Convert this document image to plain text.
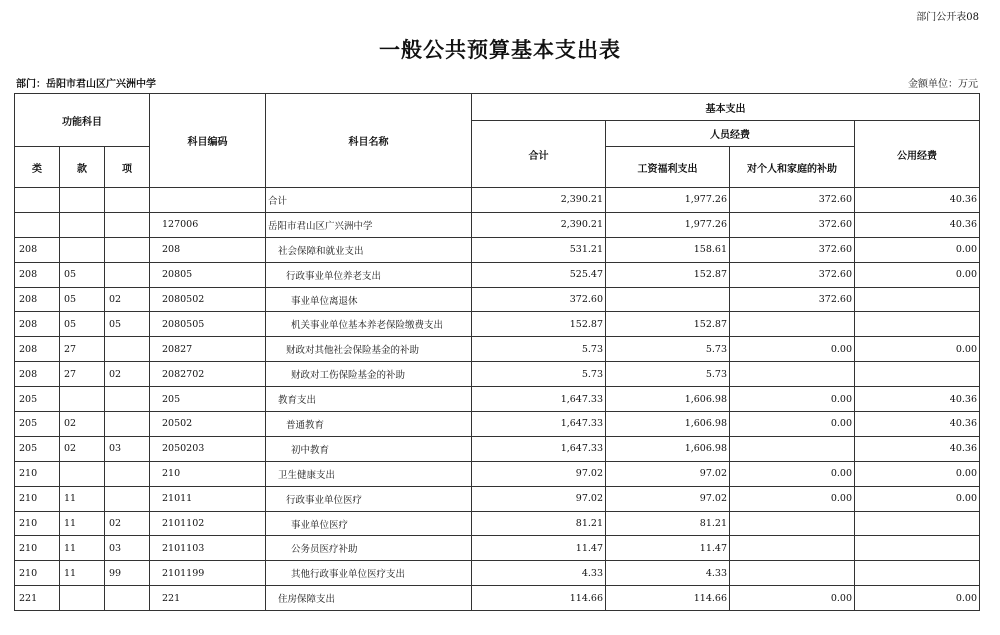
部门公开表08
一般公共预算基本支出表
部门：岳阳市君山区广兴洲中学	金额单位：万元
功能科目			科目编码	科目名称	基本支出			
					合计	人员经费		公用经费
类	款	项				工资福利支出	对个人和家庭的补助	
				合计	2,390.21	1,977.26	372.60	40.36
			127006	岳阳市君山区广兴洲中学	2,390.21	1,977.26	372.60	40.36
208			208	社会保障和就业支出	531.21	158.61	372.60	0.00
208	05		20805	行政事业单位养老支出	525.47	152.87	372.60	0.00
208	05	02	2080502	事业单位离退休	372.60		372.60	
208	05	05	2080505	机关事业单位基本养老保险缴费支出	152.87	152.87		
208	27		20827	财政对其他社会保险基金的补助	5.73	5.73	0.00	0.00
208	27	02	2082702	财政对工伤保险基金的补助	5.73	5.73		
205			205	教育支出	1,647.33	1,606.98	0.00	40.36
205	02		20502	普通教育	1,647.33	1,606.98	0.00	40.36
205	02	03	2050203	初中教育	1,647.33	1,606.98		40.36
210			210	卫生健康支出	97.02	97.02	0.00	0.00
210	11		21011	行政事业单位医疗	97.02	97.02	0.00	0.00
210	11	02	2101102	事业单位医疗	81.21	81.21		
210	11	03	2101103	公务员医疗补助	11.47	11.47		
210	11	99	2101199	其他行政事业单位医疗支出	4.33	4.33		
221			221	住房保障支出	114.66	114.66	0.00	0.00
